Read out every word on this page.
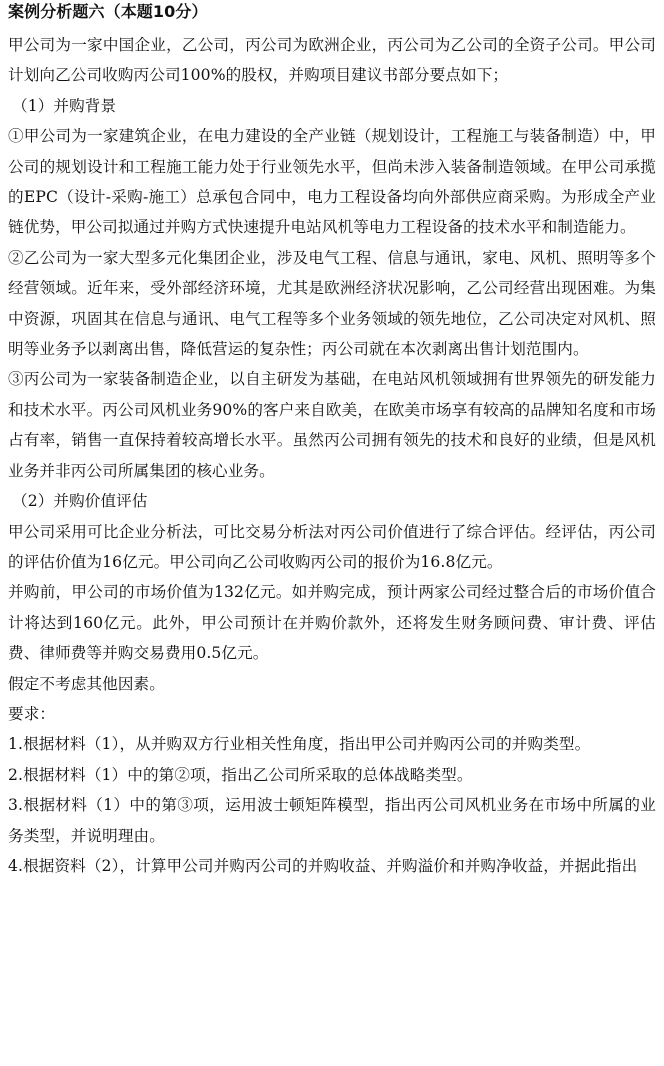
案例分析题六（本题10分）

甲公司为一家中国企业，乙公司，丙公司为欧洲企业，丙公司为乙公司的全资子公司。甲公司计划向乙公司收购丙公司100%的股权，并购项目建议书部分要点如下；

（1）并购背景

①甲公司为一家建筑企业，在电力建设的全产业链（规划设计，工程施工与装备制造）中，甲公司的规划设计和工程施工能力处于行业领先水平，但尚未涉入装备制造领域。在甲公司承揽的EPC（设计-采购-施工）总承包合同中，电力工程设备均向外部供应商采购。为形成全产业链优势，甲公司拟通过并购方式快速提升电站风机等电力工程设备的技术水平和制造能力。

②乙公司为一家大型多元化集团企业，涉及电气工程、信息与通讯，家电、风机、照明等多个经营领域。近年来，受外部经济环境，尤其是欧洲经济状况影响，乙公司经营出现困难。为集中资源，巩固其在信息与通讯、电气工程等多个业务领域的领先地位，乙公司决定对风机、照明等业务予以剥离出售，降低营运的复杂性；丙公司就在本次剥离出售计划范围内。

③丙公司为一家装备制造企业，以自主研发为基础，在电站风机领域拥有世界领先的研发能力和技术水平。丙公司风机业务90%的客户来自欧美，在欧美市场享有较高的品牌知名度和市场占有率，销售一直保持着较高增长水平。虽然丙公司拥有领先的技术和良好的业绩，但是风机业务并非丙公司所属集团的核心业务。

（2）并购价值评估

甲公司采用可比企业分析法，可比交易分析法对丙公司价值进行了综合评估。经评估，丙公司的评估价值为16亿元。甲公司向乙公司收购丙公司的报价为16.8亿元。

并购前，甲公司的市场价值为132亿元。如并购完成，预计两家公司经过整合后的市场价值合计将达到160亿元。此外，甲公司预计在并购价款外，还将发生财务顾问费、审计费、评估费、律师费等并购交易费用0.5亿元。

假定不考虑其他因素。

要求：

1.根据材料（1），从并购双方行业相关性角度，指出甲公司并购丙公司的并购类型。

2.根据材料（1）中的第②项，指出乙公司所采取的总体战略类型。

3.根据材料（1）中的第③项，运用波士顿矩阵模型，指出丙公司风机业务在市场中所属的业务类型，并说明理由。

4.根据资料（2），计算甲公司并购丙公司的并购收益、并购溢价和并购净收益，并据此指出
